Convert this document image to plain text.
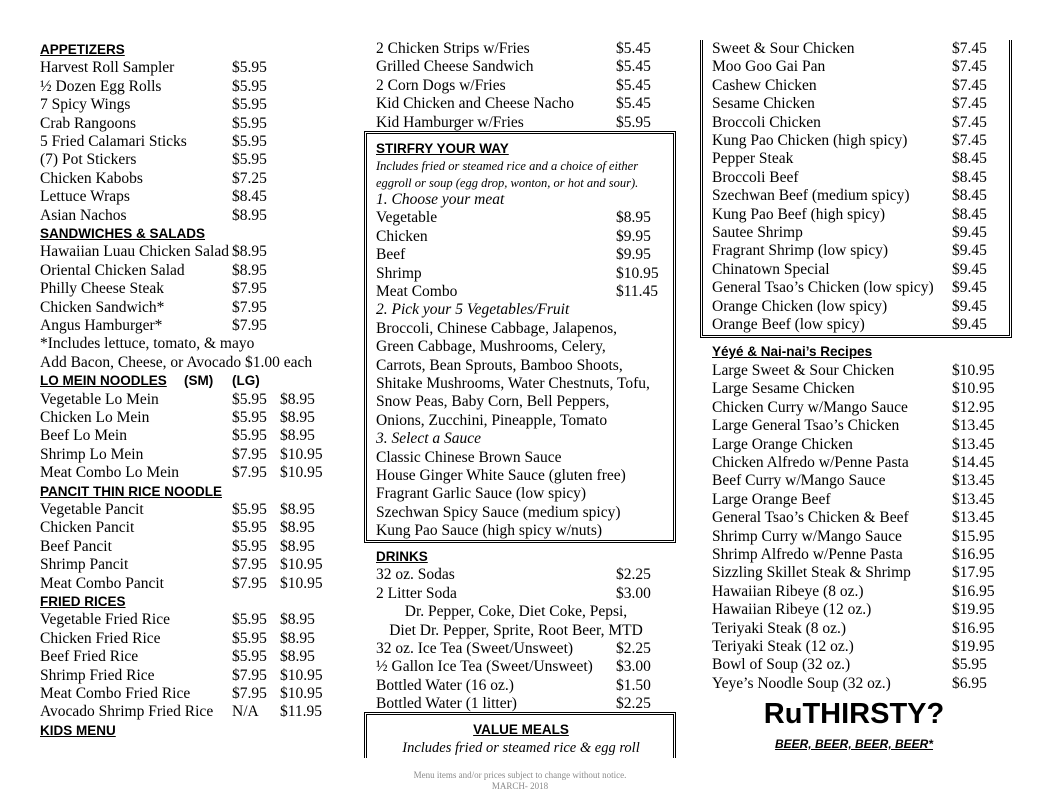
APPETIZERS
Harvest Roll Sampler	$5.95
½ Dozen Egg Rolls	$5.95
7 Spicy Wings	$5.95
Crab Rangoons	$5.95
5 Fried Calamari Sticks	$5.95
(7) Pot Stickers	$5.95
Chicken Kabobs	$7.25
Lettuce Wraps	$8.45
Asian Nachos	$8.95
SANDWICHES & SALADS
Hawaiian Luau Chicken Salad $8.95
Oriental Chicken Salad	$8.95
Philly Cheese Steak	$7.95
Chicken Sandwich*	$7.95
Angus Hamburger*	$7.95
*Includes lettuce, tomato, & mayo
Add Bacon, Cheese, or Avocado $1.00 each
LO MEIN NOODLES (SM) (LG)
Vegetable Lo Mein	$5.95 $8.95
Chicken Lo Mein	$5.95 $8.95
Beef Lo Mein	$5.95 $8.95
Shrimp Lo Mein	$7.95 $10.95
Meat Combo Lo Mein	$7.95 $10.95
PANCIT THIN RICE NOODLE
Vegetable Pancit	$5.95 $8.95
Chicken Pancit	$5.95 $8.95
Beef Pancit	$5.95 $8.95
Shrimp Pancit	$7.95 $10.95
Meat Combo Pancit	$7.95 $10.95
FRIED RICES
Vegetable Fried Rice	$5.95 $8.95
Chicken Fried Rice	$5.95 $8.95
Beef Fried Rice	$5.95 $8.95
Shrimp Fried Rice	$7.95 $10.95
Meat Combo Fried Rice	$7.95 $10.95
Avocado Shrimp Fried Rice N/A $11.95
KIDS MENU
2 Chicken Strips w/Fries	$5.45
Grilled Cheese Sandwich	$5.45
2 Corn Dogs w/Fries	$5.45
Kid Chicken and Cheese Nacho	$5.45
Kid Hamburger w/Fries	$5.95
STIRFRY YOUR WAY
Includes fried or steamed rice and a choice of either
eggroll or soup (egg drop, wonton, or hot and sour).
1. Choose your meat
Vegetable	$8.95
Chicken	$9.95
Beef	$9.95
Shrimp	$10.95
Meat Combo	$11.45
2. Pick your 5 Vegetables/Fruit
Broccoli, Chinese Cabbage, Jalapenos,
Green Cabbage, Mushrooms, Celery,
Carrots, Bean Sprouts, Bamboo Shoots,
Shitake Mushrooms, Water Chestnuts, Tofu,
Snow Peas, Baby Corn, Bell Peppers,
Onions, Zucchini, Pineapple, Tomato
3. Select a Sauce
Classic Chinese Brown Sauce
House Ginger White Sauce (gluten free)
Fragrant Garlic Sauce (low spicy)
Szechwan Spicy Sauce (medium spicy)
Kung Pao Sauce (high spicy w/nuts)
DRINKS
32 oz. Sodas	$2.25
2 Litter Soda	$3.00
Dr. Pepper, Coke, Diet Coke, Pepsi,
Diet Dr. Pepper, Sprite, Root Beer, MTD
32 oz. Ice Tea (Sweet/Unsweet)	$2.25
½ Gallon Ice Tea (Sweet/Unsweet) $3.00
Bottled Water (16 oz.)	$1.50
Bottled Water (1 litter)	$2.25
VALUE MEALS
Includes fried or steamed rice & egg roll
Sweet & Sour Chicken	$7.45
Moo Goo Gai Pan	$7.45
Cashew Chicken	$7.45
Sesame Chicken	$7.45
Broccoli Chicken	$7.45
Kung Pao Chicken (high spicy)	$7.45
Pepper Steak	$8.45
Broccoli Beef	$8.45
Szechwan Beef (medium spicy)	$8.45
Kung Pao Beef (high spicy)	$8.45
Sautee Shrimp	$9.45
Fragrant Shrimp (low spicy)	$9.45
Chinatown Special	$9.45
General Tsao’s Chicken (low spicy) $9.45
Orange Chicken (low spicy)	$9.45
Orange Beef (low spicy)	$9.45
Yéyé & Nai-nai’s Recipes
Large Sweet & Sour Chicken	$10.95
Large Sesame Chicken	$10.95
Chicken Curry w/Mango Sauce	$12.95
Large General Tsao’s Chicken	$13.45
Large Orange Chicken	$13.45
Chicken Alfredo w/Penne Pasta	$14.45
Beef Curry w/Mango Sauce	$13.45
Large Orange Beef	$13.45
General Tsao’s Chicken & Beef	$13.45
Shrimp Curry w/Mango Sauce	$15.95
Shrimp Alfredo w/Penne Pasta	$16.95
Sizzling Skillet Steak & Shrimp	$17.95
Hawaiian Ribeye (8 oz.)	$16.95
Hawaiian Ribeye (12 oz.)	$19.95
Teriyaki Steak (8 oz.)	$16.95
Teriyaki Steak (12 oz.)	$19.95
Bowl of Soup (32 oz.)	$5.95
Yeye’s Noodle Soup (32 oz.)	$6.95
RuTHIRSTY?
BEER, BEER, BEER, BEER*
Menu items and/or prices subject to change without notice.
MARCH- 2018
